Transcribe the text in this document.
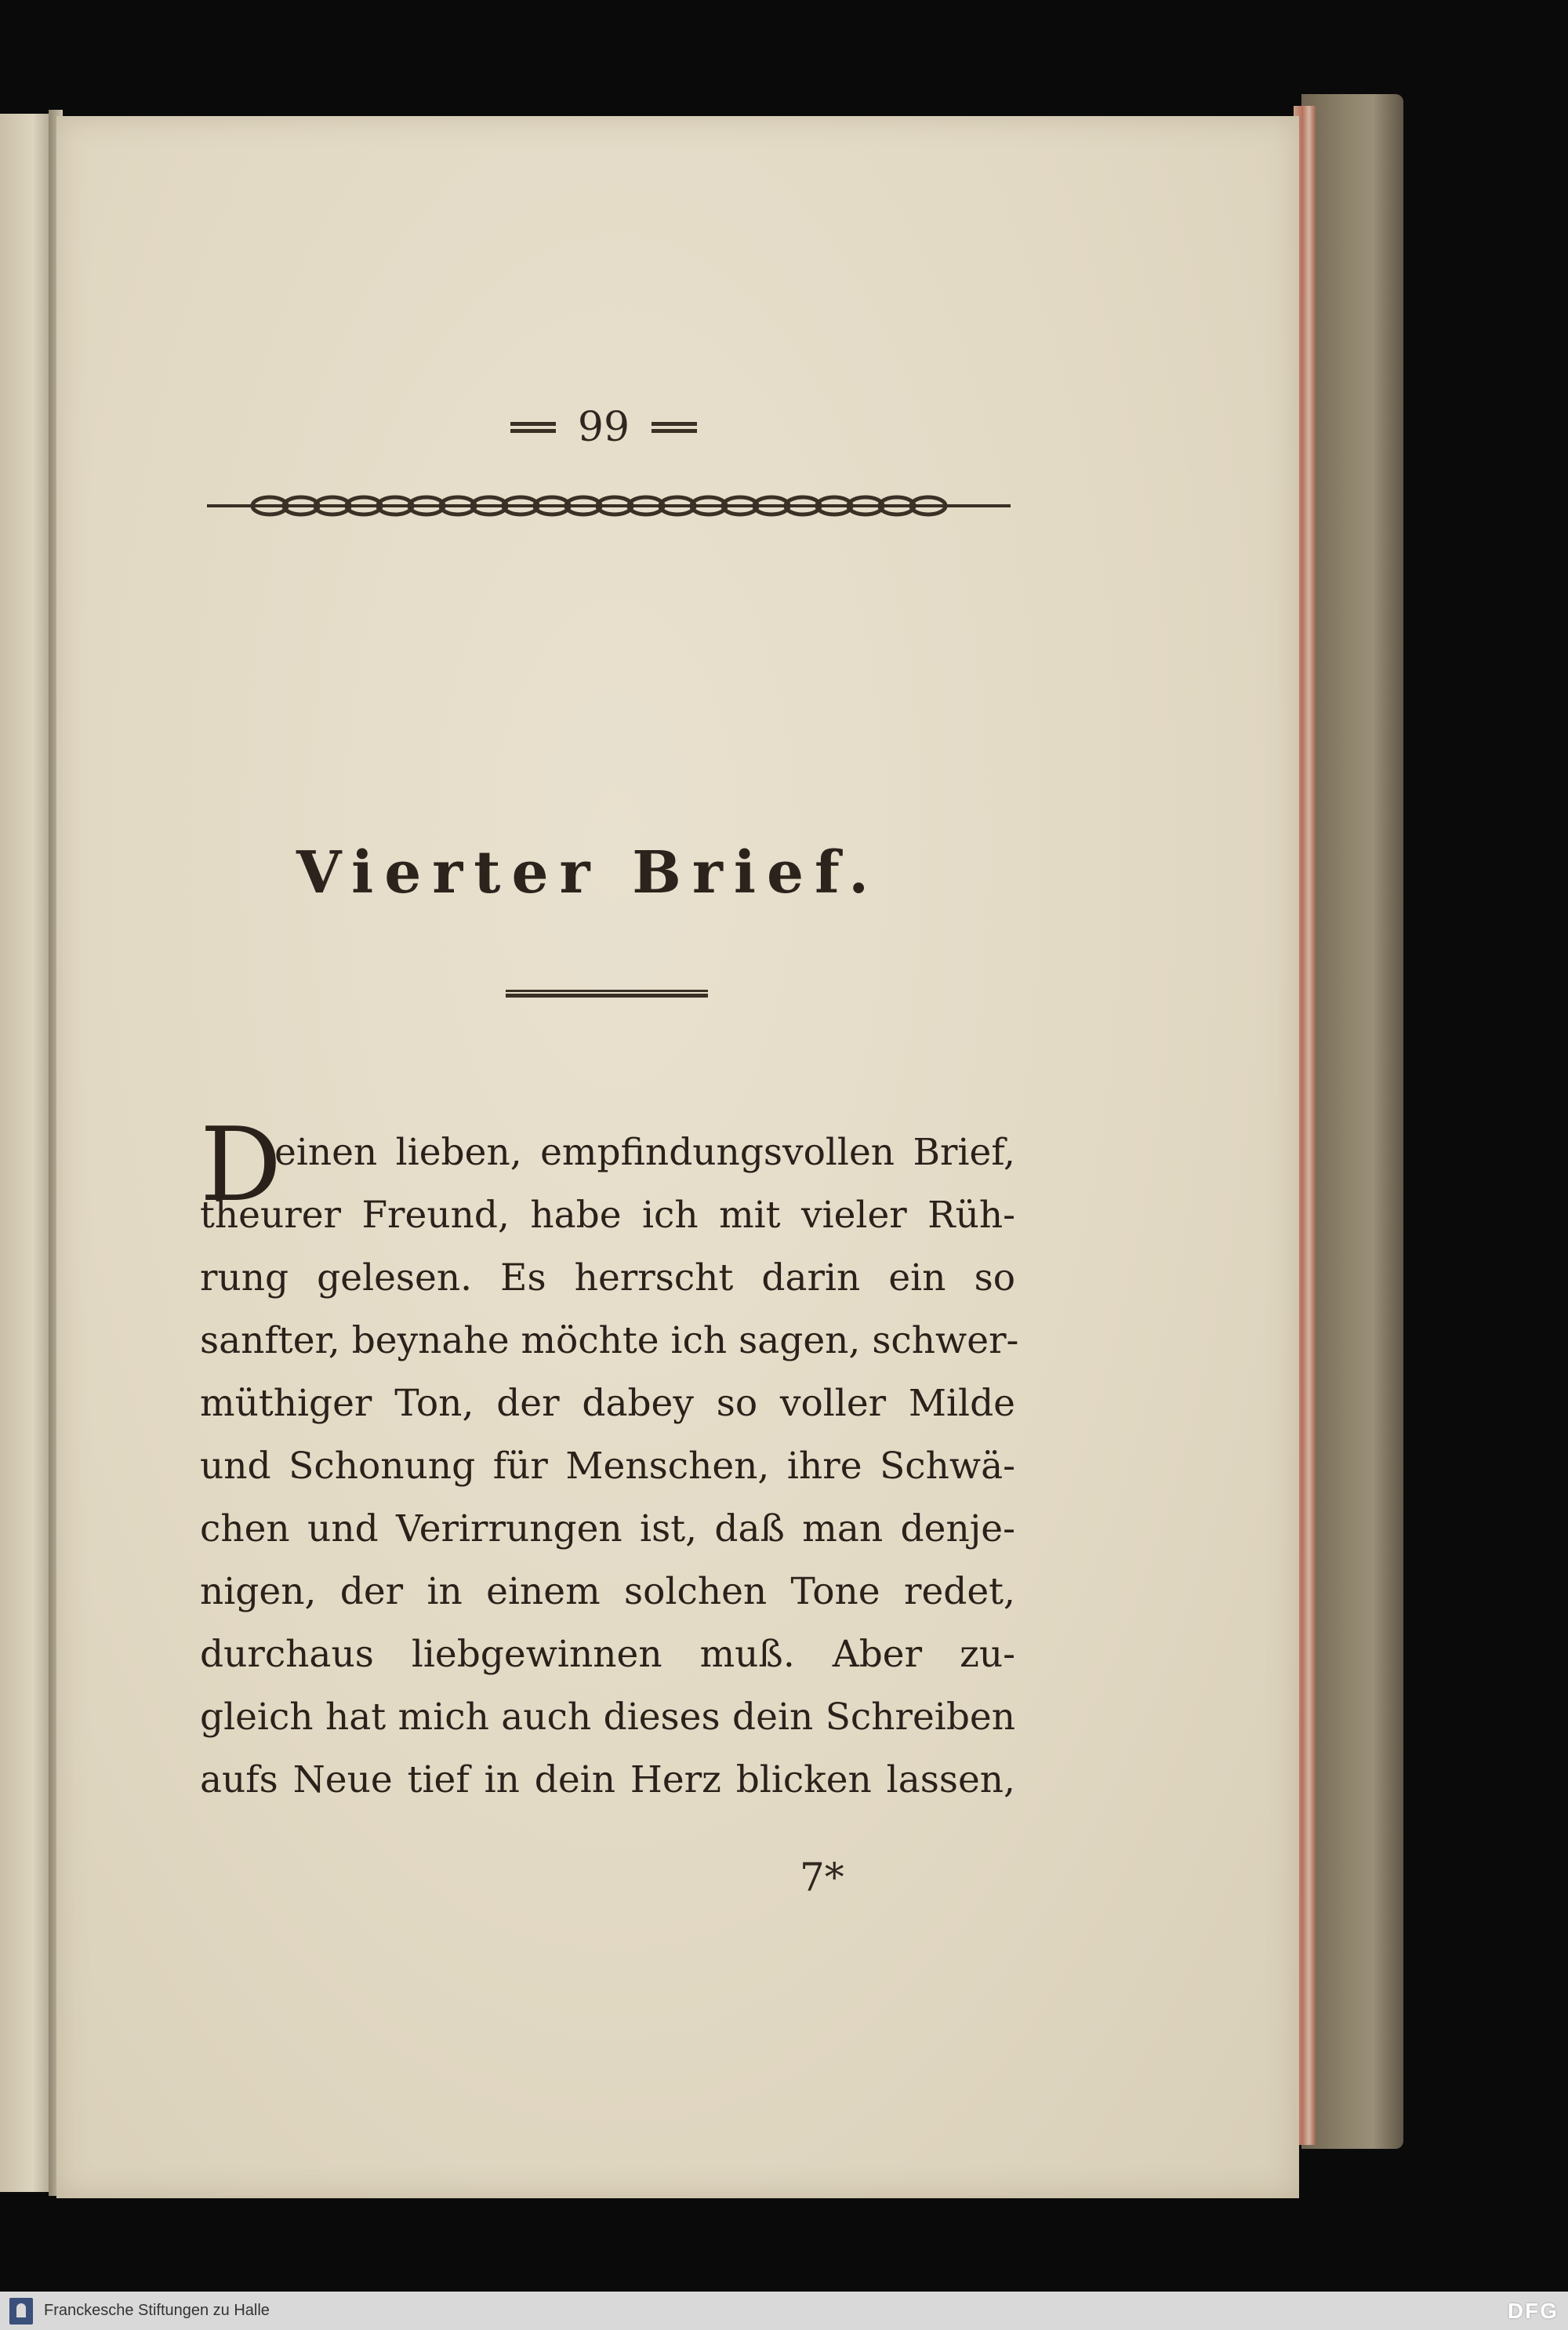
99
Vierter Brief.
D
einen lieben, empfindungsvollen Brief,
theurer Freund, habe ich mit vieler Rüh-
rung gelesen. Es herrscht darin ein so
sanfter, beynahe möchte ich sagen, schwer-
müthiger Ton, der dabey so voller Milde
und Schonung für Menschen, ihre Schwä-
chen und Verirrungen ist, daß man denje-
nigen, der in einem solchen Tone redet,
durchaus liebgewinnen muß. Aber zu-
gleich hat mich auch dieses dein Schreiben
aufs Neue tief in dein Herz blicken lassen,
7*
Franckesche Stiftungen zu Halle	DFG
